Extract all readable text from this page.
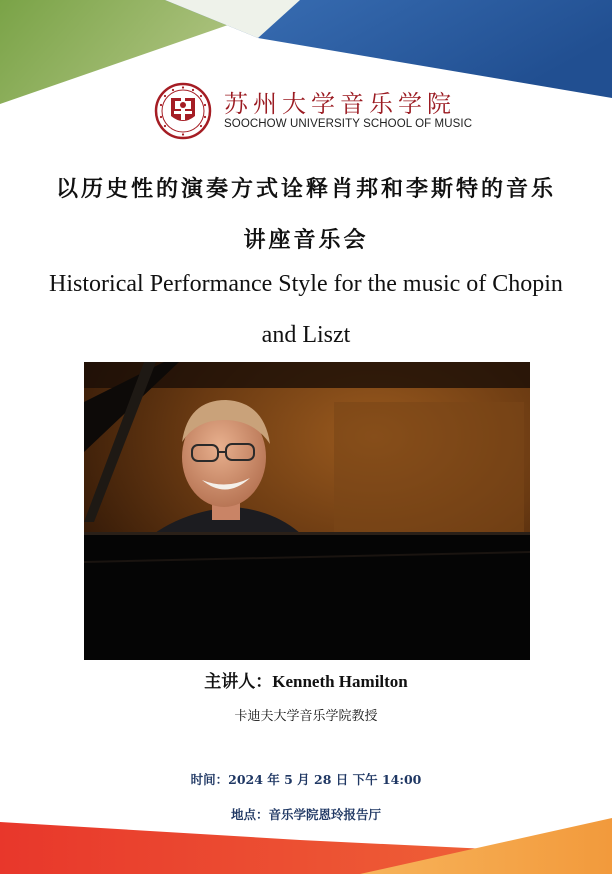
苏州大学音乐学院
SOOCHOW UNIVERSITY SCHOOL OF MUSIC
以历史性的演奏方式诠释肖邦和李斯特的音乐
讲座音乐会
Historical Performance Style for the music of Chopin
and Liszt
主讲人：Kenneth Hamilton
卡迪夫大学音乐学院教授
时间：2024 年 5 月 28 日 下午 14:00
地点：音乐学院恩玲报告厅
